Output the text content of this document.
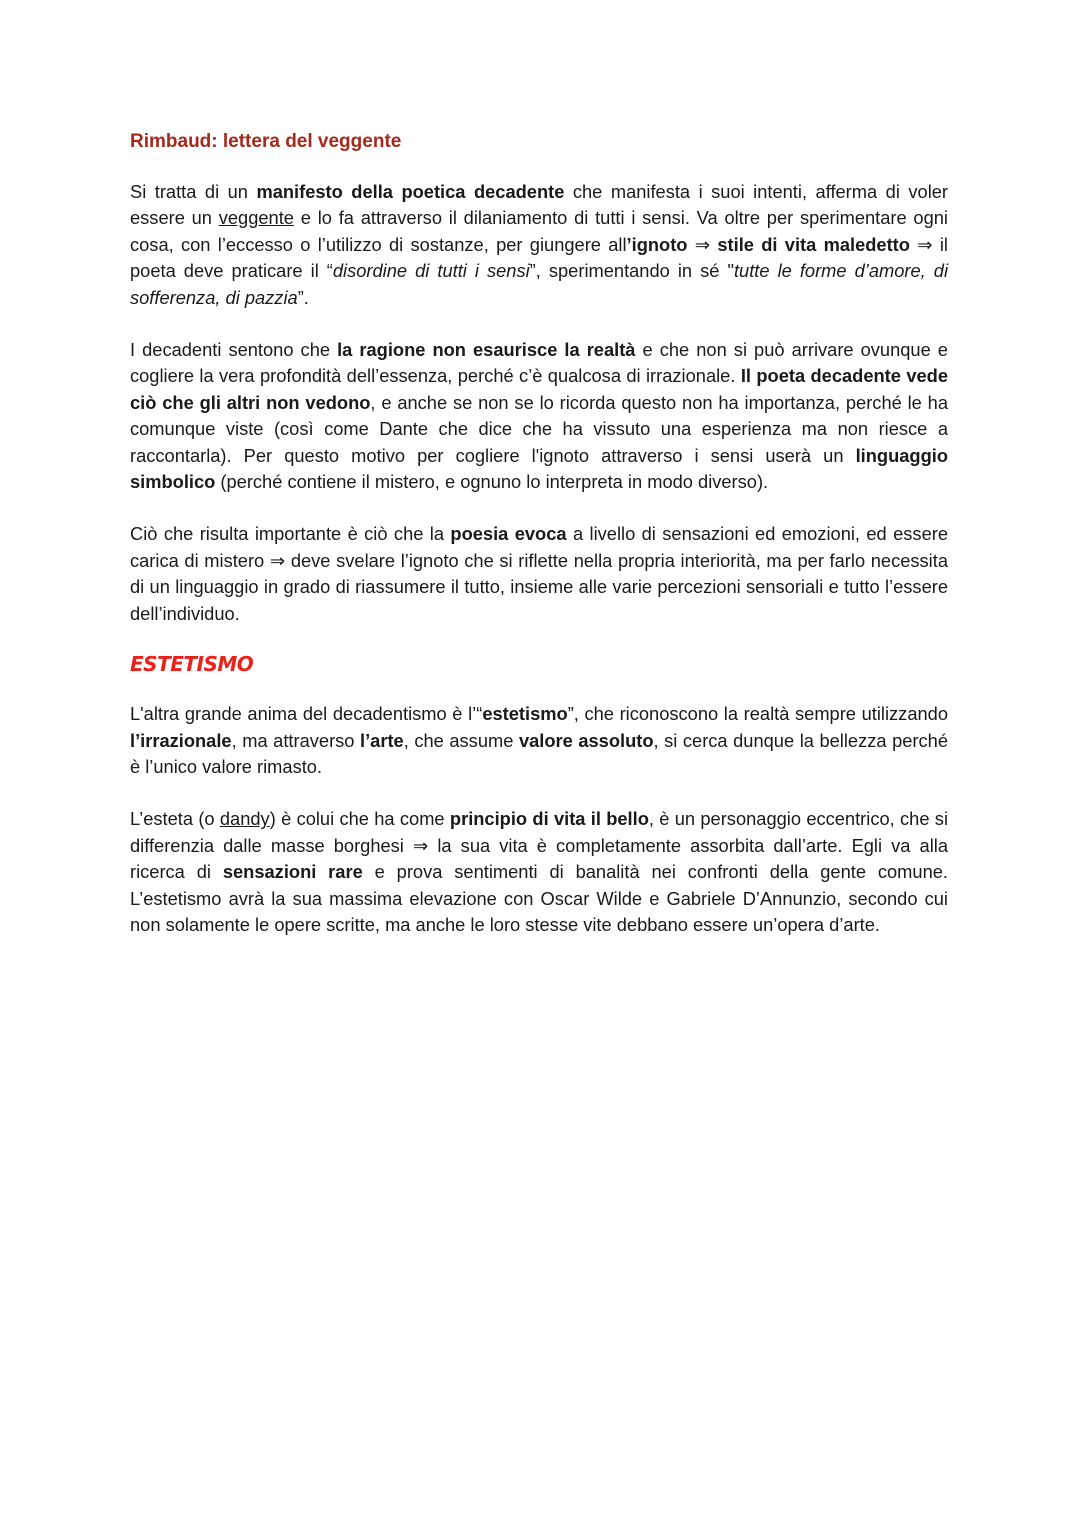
Rimbaud: lettera del veggente

Si tratta di un manifesto della poetica decadente che manifesta i suoi intenti, afferma di voler essere un veggente e lo fa attraverso il dilaniamento di tutti i sensi. Va oltre per sperimentare ogni cosa, con l’eccesso o l’utilizzo di sostanze, per giungere all’ignoto ⇒ stile di vita maledetto ⇒ il poeta deve praticare il “disordine di tutti i sensi”, sperimentando in sé "tutte le forme d’amore, di sofferenza, di pazzia”.

I decadenti sentono che la ragione non esaurisce la realtà e che non si può arrivare ovunque e cogliere la vera profondità dell’essenza, perché c’è qualcosa di irrazionale. Il poeta decadente vede ciò che gli altri non vedono, e anche se non se lo ricorda questo non ha importanza, perché le ha comunque viste (così come Dante che dice che ha vissuto una esperienza ma non riesce a raccontarla). Per questo motivo per cogliere l'ignoto attraverso i sensi userà un linguaggio simbolico (perché contiene il mistero, e ognuno lo interpreta in modo diverso).

Ciò che risulta importante è ciò che la poesia evoca a livello di sensazioni ed emozioni, ed essere carica di mistero ⇒ deve svelare l’ignoto che si riflette nella propria interiorità, ma per farlo necessita di un linguaggio in grado di riassumere il tutto, insieme alle varie percezioni sensoriali e tutto l’essere dell’individuo.

ESTETISMO

L'altra grande anima del decadentismo è l’“estetismo”, che riconoscono la realtà sempre utilizzando l’irrazionale, ma attraverso l’arte, che assume valore assoluto, si cerca dunque la bellezza perché è l’unico valore rimasto.

L’esteta (o dandy) è colui che ha come principio di vita il bello, è un personaggio eccentrico, che si differenzia dalle masse borghesi ⇒ la sua vita è completamente assorbita dall’arte. Egli va alla ricerca di sensazioni rare e prova sentimenti di banalità nei confronti della gente comune. L’estetismo avrà la sua massima elevazione con Oscar Wilde e Gabriele D’Annunzio, secondo cui non solamente le opere scritte, ma anche le loro stesse vite debbano essere un’opera d’arte.
